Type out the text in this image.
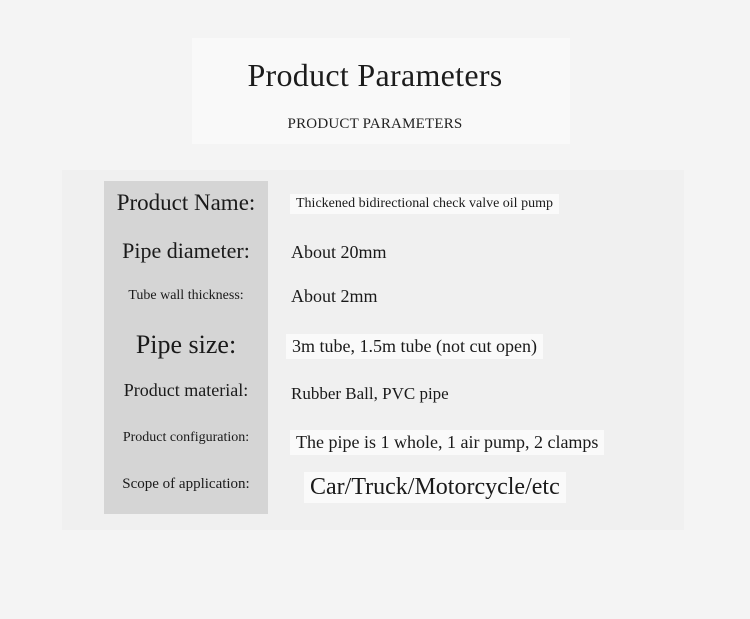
Product Parameters
PRODUCT PARAMETERS
Product Name:	Thickened bidirectional check valve oil pump
Pipe diameter:	About 20mm
Tube wall thickness:	About 2mm
Pipe size:	3m tube, 1.5m tube (not cut open)
Product material:	Rubber Ball, PVC pipe
Product configuration:	The pipe is 1 whole, 1 air pump, 2 clamps
Scope of application:	Car/Truck/Motorcycle/etc
